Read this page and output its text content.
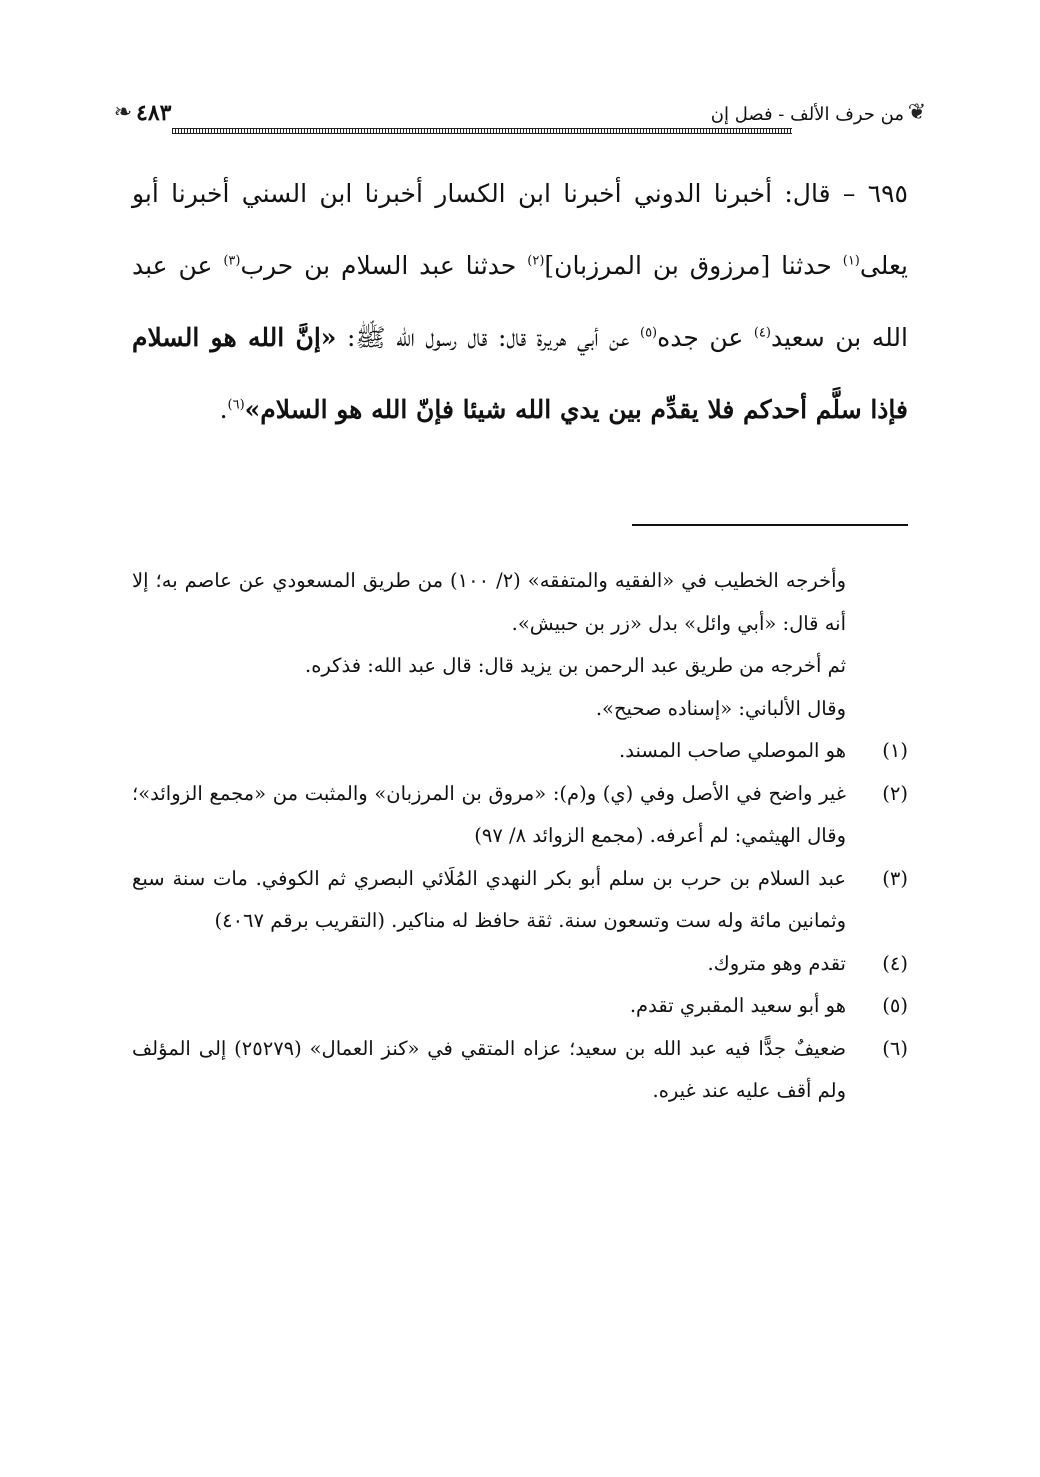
❦
من حرف الألف - فصل إن
٤٨٣
❧

٦٩٥ – قال: أخبرنا الدوني أخبرنا ابن الكسار أخبرنا ابن السني أخبرنا أبو يعلى$^{(١)}$ حدثنا [مرزوق بن المرزبان]$^{(٢)}$ حدثنا عبد السلام بن حرب$^{(٣)}$ عن عبد الله بن سعيد$^{(٤)}$ عن جده$^{(٥)}$ عن أبي هريرة قال: قال رسول الله ﷺ: «إنَّ الله هو السلام فإذا سلَّم أحدكم فلا يقدِّم بين يدي الله شيئا فإنّ الله هو السلام»$^{(٦)}$.

وأخرجه الخطيب في «الفقيه والمتفقه» (٢/ ١٠٠) من طريق المسعودي عن عاصم به؛ إلا أنه قال: «أبي وائل» بدل «زر بن حبيش».
ثم أخرجه من طريق عبد الرحمن بن يزيد قال: قال عبد الله: فذكره.
وقال الألباني: «إسناده صحيح».
(١)
هو الموصلي صاحب المسند.
(٢)
غير واضح في الأصل وفي (ي) و(م): «مروق بن المرزبان» والمثبت من «مجمع الزوائد»؛ وقال الهيثمي: لم أعرفه. (مجمع الزوائد ٨/ ٩٧)
(٣)
عبد السلام بن حرب بن سلم أبو بكر النهدي المُلَائي البصري ثم الكوفي. مات سنة سبع وثمانين مائة وله ست وتسعون سنة. ثقة حافظ له مناكير. (التقريب برقم ٤٠٦٧)
(٤)
تقدم وهو متروك.
(٥)
هو أبو سعيد المقبري تقدم.
(٦)
ضعيفٌ جدًّا فيه عبد الله بن سعيد؛ عزاه المتقي في «كنز العمال» (٢٥٢٧٩) إلى المؤلف ولم أقف عليه عند غيره.
